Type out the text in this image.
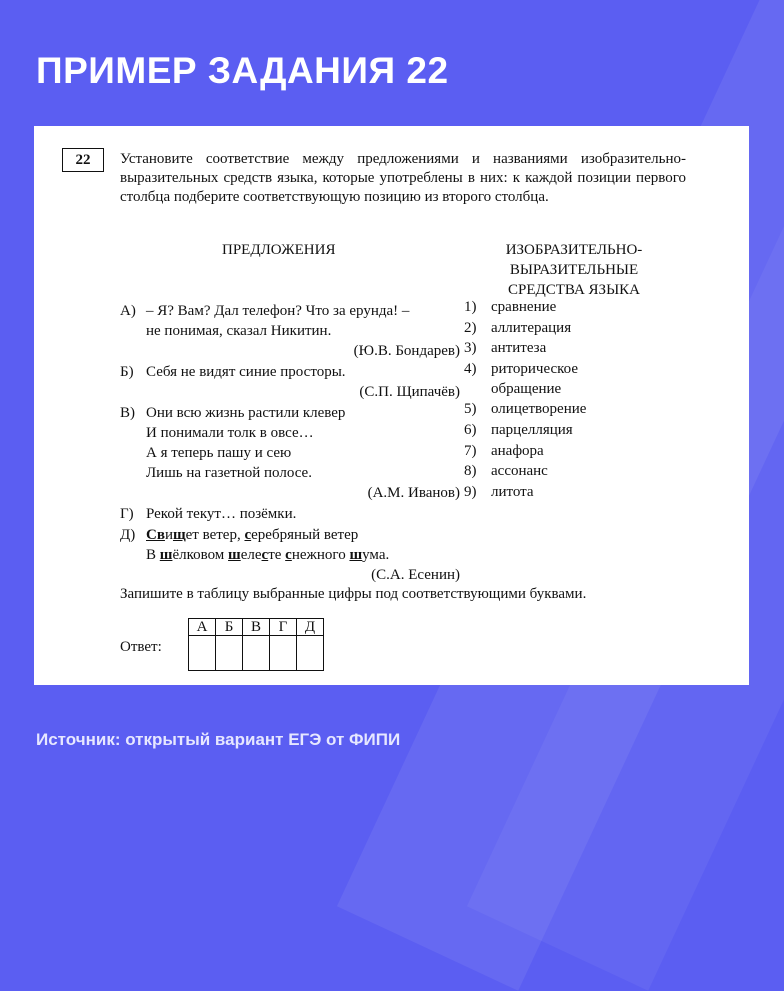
ПРИМЕР ЗАДАНИЯ 22
22	Установите соответствие между предложениями и названиями изобразительно-выразительных средств языка, которые употреблены в них: к каждой позиции первого столбца подберите соответствующую позицию из второго столбца.
ПРЕДЛОЖЕНИЯ	ИЗОБРАЗИТЕЛЬНО-
ВЫРАЗИТЕЛЬНЫЕ
СРЕДСТВА ЯЗЫКА
А) – Я? Вам? Дал телефон? Что за ерунда! –
не понимая, сказал Никитин.
(Ю.В. Бондарев)
Б) Себя не видят синие просторы.
(С.П. Щипачёв)
В) Они всю жизнь растили клевер
И понимали толк в овсе…
А я теперь пашу и сею
Лишь на газетной полосе.
(А.М. Иванов)
Г) Рекой текут… позёмки.
Д) Свищет ветер, серебряный ветер
В шёлковом шелесте снежного шума.
(С.А. Есенин)
1) сравнение
2) аллитерация
3) антитеза
4) риторическое
обращение
5) олицетворение
6) парцелляция
7) анафора
8) ассонанс
9) литота
Запишите в таблицу выбранные цифры под соответствующими буквами.
Ответ:
А	Б	В	Г	Д

Источник: открытый вариант ЕГЭ от ФИПИ
